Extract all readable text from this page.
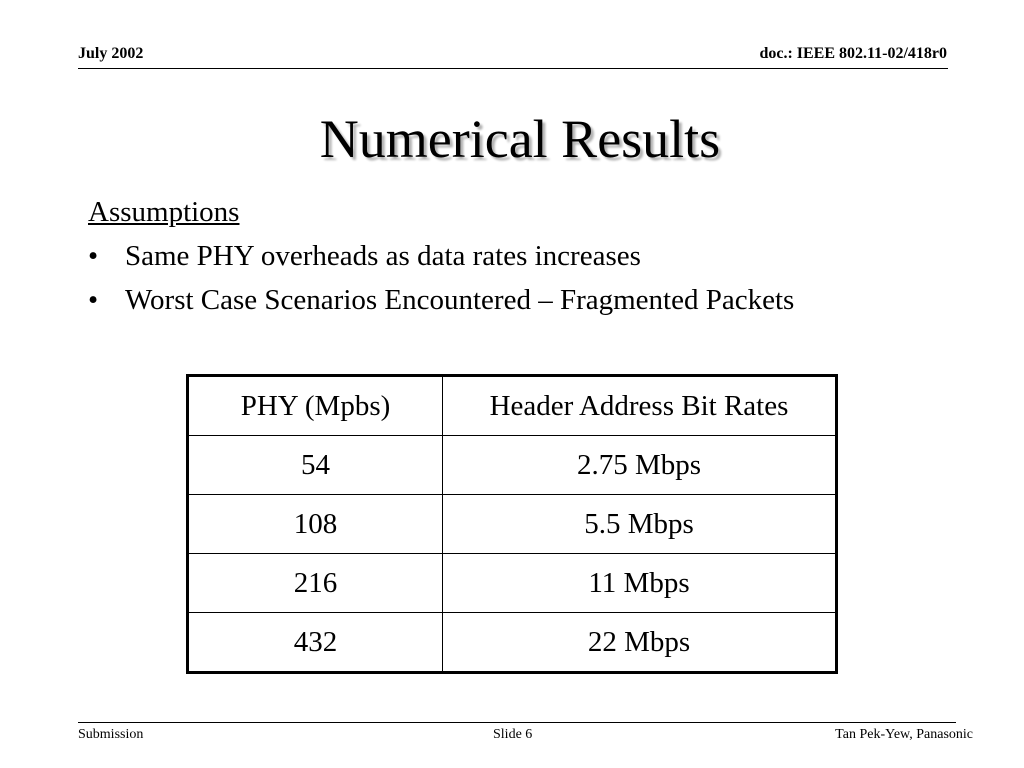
July 2002	doc.: IEEE 802.11-02/418r0
Numerical Results
Assumptions
• Same PHY overheads as data rates increases
• Worst Case Scenarios Encountered – Fragmented Packets
PHY (Mpbs)	Header Address Bit Rates
54	2.75 Mbps
108	5.5 Mbps
216	11 Mbps
432	22 Mbps
Submission	Slide 6	Tan Pek-Yew, Panasonic
